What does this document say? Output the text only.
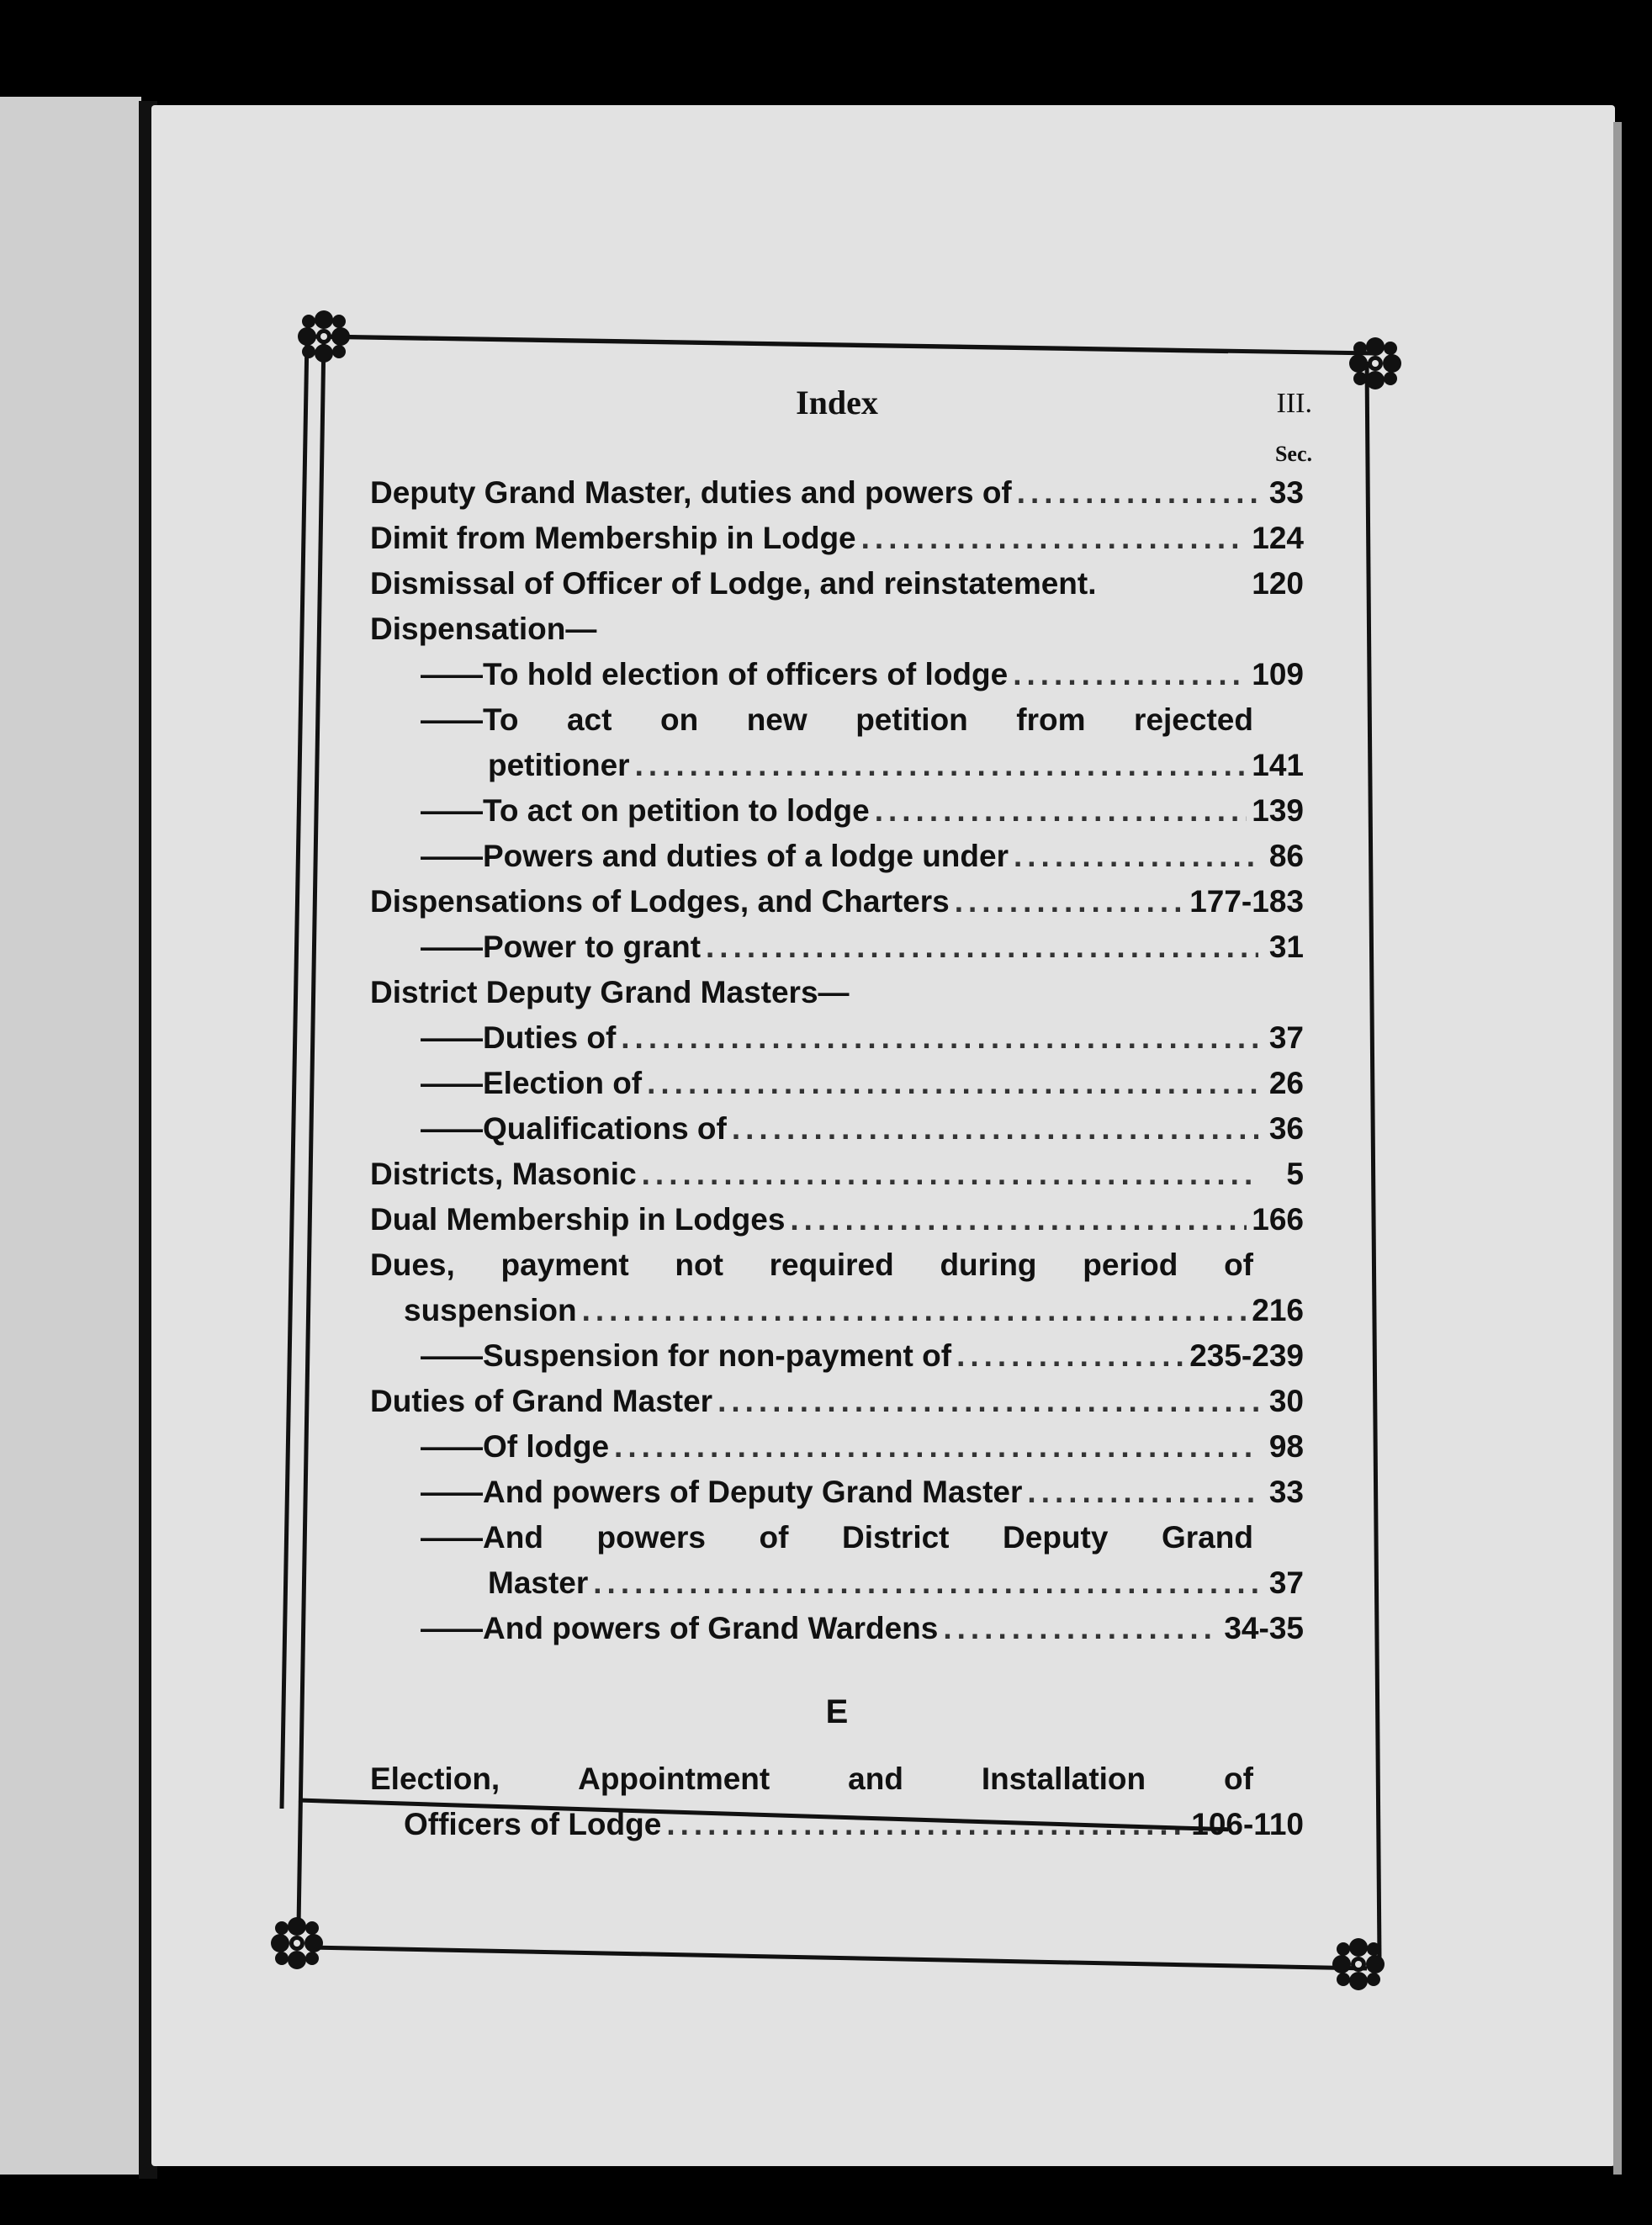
Index	III.
Sec.
Deputy Grand Master, duties and powers of .....	33
Dimit from Membership in Lodge .....	124
Dismissal of Officer of Lodge, and reinstatement.	120
Dispensation—
——To hold election of officers of lodge .....	109
——To act on new petition from rejected
petitioner .....	141
——To act on petition to lodge .....	139
——Powers and duties of a lodge under .....	86
Dispensations of Lodges, and Charters .....	177-183
——Power to grant .....	31
District Deputy Grand Masters—
——Duties of .....	37
——Election of .....	26
——Qualifications of .....	36
Districts, Masonic .....	5
Dual Membership in Lodges .....	166
Dues, payment not required during period of
suspension .....	216
——Suspension for non-payment of .....	235-239
Duties of Grand Master .....	30
——Of lodge .....	98
——And powers of Deputy Grand Master .....	33
——And powers of District Deputy Grand
Master .....	37
——And powers of Grand Wardens .....	34-35
E
Election,	Appointment	and	Installation	of
Officers of Lodge .....	106-110
